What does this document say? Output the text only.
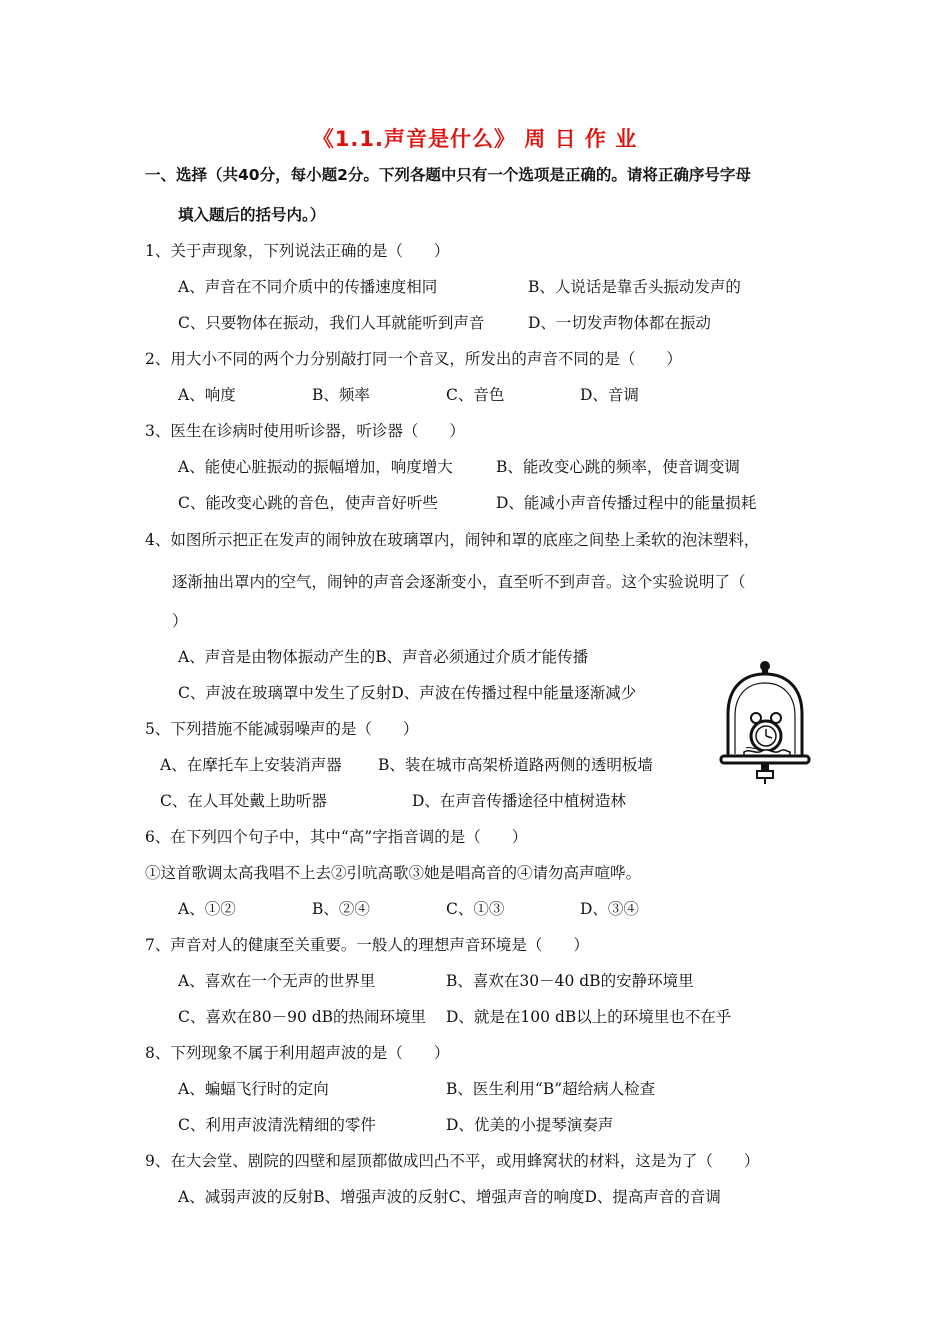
《1.1.声音是什么》 周 日 作 业
一、选择（共40分，每小题2分。下列各题中只有一个选项是正确的。请将正确序号字母
填入题后的括号内。）
1、关于声现象，下列说法正确的是（　　）
A、声音在不同介质中的传播速度相同	B、人说话是靠舌头振动发声的
C、只要物体在振动，我们人耳就能听到声音	D、一切发声物体都在振动
2、用大小不同的两个力分别敲打同一个音叉，所发出的声音不同的是（　　）
A、响度	B、频率	C、音色	D、音调
3、医生在诊病时使用听诊器，听诊器（　　）
A、能使心脏振动的振幅增加，响度增大	B、能改变心跳的频率，使音调变调
C、能改变心跳的音色，使声音好听些	D、能减小声音传播过程中的能量损耗
4、如图所示把正在发声的闹钟放在玻璃罩内，闹钟和罩的底座之间垫上柔软的泡沫塑料，
逐渐抽出罩内的空气，闹钟的声音会逐渐变小，直至听不到声音。这个实验说明了（
）
A、声音是由物体振动产生的B、声音必须通过介质才能传播
C、声波在玻璃罩中发生了反射D、声波在传播过程中能量逐渐减少
5、下列措施不能减弱噪声的是（　　）
A、在摩托车上安装消声器 B、装在城市高架桥道路两侧的透明板墙
C、在人耳处戴上助听器	D、在声音传播途径中植树造林
6、在下列四个句子中，其中“高”字指音调的是（　　）
①这首歌调太高我唱不上去②引吭高歌③她是唱高音的④请勿高声喧哗。
A、①②	B、②④	C、①③	D、③④
7、声音对人的健康至关重要。一般人的理想声音环境是（　　）
A、喜欢在一个无声的世界里	B、喜欢在30－40 dB的安静环境里
C、喜欢在80－90 dB的热闹环境里 D、就是在100 dB以上的环境里也不在乎
8、下列现象不属于利用超声波的是（　　）
A、蝙蝠飞行时的定向	B、医生利用“B”超给病人检查
C、利用声波清洗精细的零件	D、优美的小提琴演奏声
9、在大会堂、剧院的四壁和屋顶都做成凹凸不平，或用蜂窝状的材料，这是为了（　　）
A、减弱声波的反射B、增强声波的反射C、增强声音的响度D、提高声音的音调
